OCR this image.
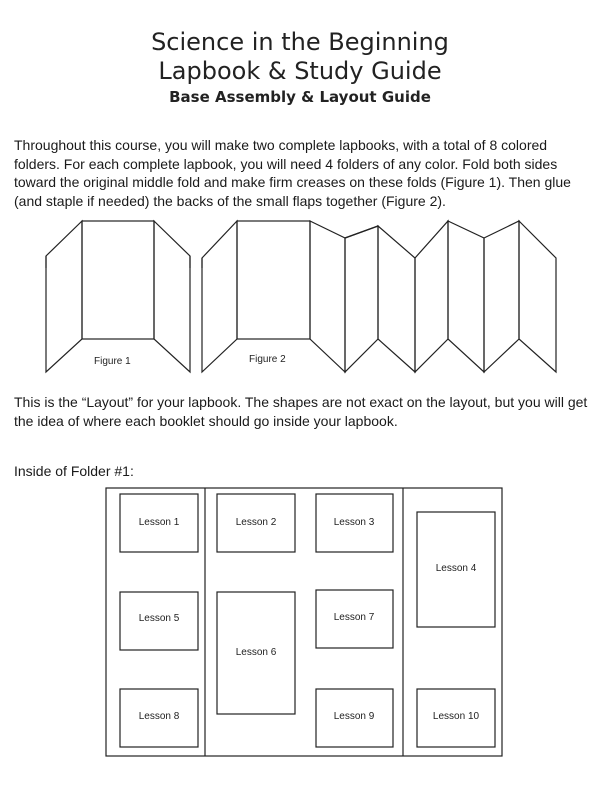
Science in the Beginning
Lapbook & Study Guide
Base Assembly & Layout Guide
Throughout this course, you will make two complete lapbooks, with a total of 8 colored folders. For each complete lapbook, you will need 4 folders of any color. Fold both sides toward the original middle fold and make firm creases on these folds (Figure 1). Then glue (and staple if needed) the backs of the small flaps together (Figure 2).
Figure 1	Figure 2
Lesson 1	Lesson 2	Lesson 3
Lesson 4
Lesson 5
Lesson 6
Lesson 7
Lesson 8	Lesson 9	Lesson 10
This is the “Layout” for your lapbook. The shapes are not exact on the layout, but you will get the idea of where each booklet should go inside your lapbook.
Inside of Folder #1:
